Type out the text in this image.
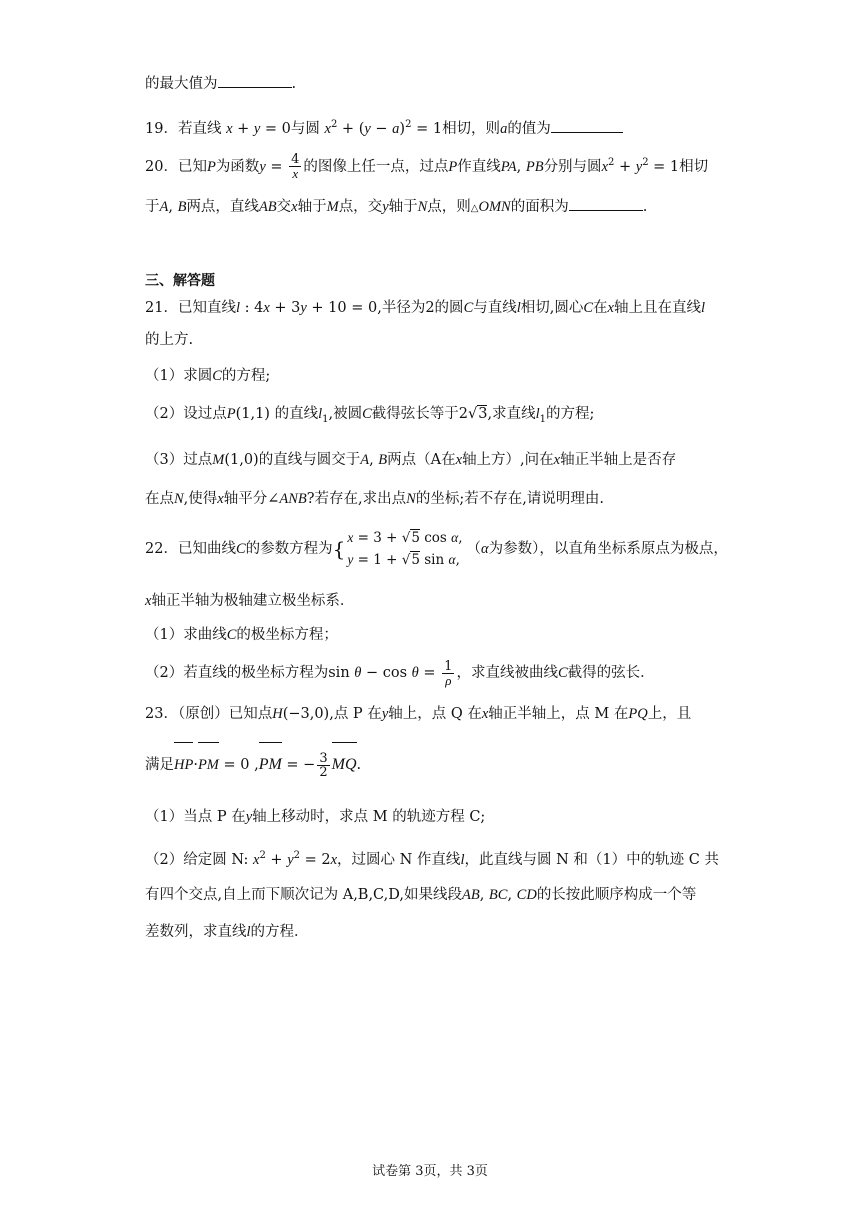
的最大值为	.
19．若直线 x + y = 0与圆 $x^2 + (y - a)^2 = 1$相切，则a的值为
20．已知P为函数$y = \frac{4}{x}$ 的图像上任一点，过点P作直线PA, PB分别与圆$x^2 + y^2 = 1$相切
于A, B两点，直线AB交x轴于M点，交y轴于N点，则△OMN的面积为	.
三、解答题
21．已知直线l : 4x + 3y + 10 = 0,半径为2的圆C与直线l相切,圆心C在x轴上且在直线l
的上方.
（1）求圆C的方程;
（2）设过点P(1,1) 的直线$l_1$,被圆C截得弦长等于2√3,求直线$l_1$的方程;
（3）过点M(1,0)的直线与圆交于A, B两点（A在x轴上方）,问在x轴正半轴上是否存
在点N,使得x轴平分∠ANB?若存在,求出点N的坐标;若不存在,请说明理由.
22．已知曲线C的参数方程为 { x = 3 + √5 cos α,
y = 1 + √5 sin α,
（α为参数），以直角坐标系原点为极点，
x轴正半轴为极轴建立极坐标系．
（1）求曲线C的极坐标方程；
（2）若直线的极坐标方程为$\sin \theta - \cos \theta = \frac{1}{\rho}$ ，求直线被曲线C截得的弦长．
23．（原创）已知点H(−3,0),点 P 在y轴上，点 Q 在x轴正半轴上，点 M 在PQ上，且
满足HP·PM = 0 ,PM = − $\frac{3}{2}$ MQ.
（1）当点 P 在y轴上移动时，求点 M 的轨迹方程 C;
（2）给定圆 N: $x^2 + y^2 = 2x$，过圆心 N 作直线l，此直线与圆 N 和（1）中的轨迹 C 共
有四个交点,自上而下顺次记为 A,B,C,D,如果线段AB, BC, CD的长按此顺序构成一个等
差数列，求直线l的方程．
试卷第 3页，共 3页
